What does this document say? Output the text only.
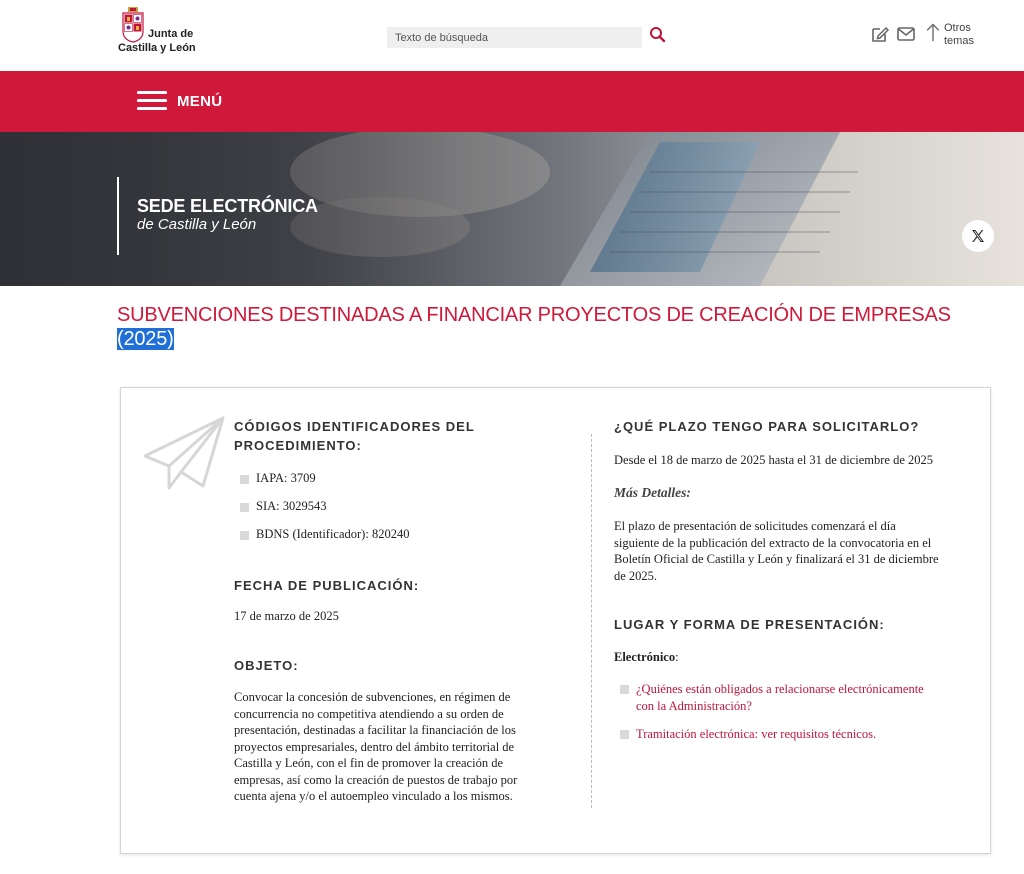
Junta de
Castilla y León
Texto de búsqueda
Otros
temas
MENÚ
SEDE ELECTRÓNICA
de Castilla y León
SUBVENCIONES DESTINADAS A FINANCIAR PROYECTOS DE CREACIÓN DE EMPRESAS (2025)
CÓDIGOS IDENTIFICADORES DEL
PROCEDIMIENTO:
IAPA: 3709
SIA: 3029543
BDNS (Identificador): 820240
FECHA DE PUBLICACIÓN:
17 de marzo de 2025
OBJETO:
Convocar la concesión de subvenciones, en régimen de
concurrencia no competitiva atendiendo a su orden de
presentación, destinadas a facilitar la financiación de los
proyectos empresariales, dentro del ámbito territorial de
Castilla y León, con el fin de promover la creación de
empresas, así como la creación de puestos de trabajo por
cuenta ajena y/o el autoempleo vinculado a los mismos.
¿QUÉ PLAZO TENGO PARA SOLICITARLO?
Desde el 18 de marzo de 2025 hasta el 31 de diciembre de 2025
Más Detalles:
El plazo de presentación de solicitudes comenzará el día
siguiente de la publicación del extracto de la convocatoria en el
Boletín Oficial de Castilla y León y finalizará el 31 de diciembre
de 2025.
LUGAR Y FORMA DE PRESENTACIÓN:
Electrónico:
¿Quiénes están obligados a relacionarse electrónicamente
con la Administración?
Tramitación electrónica: ver requisitos técnicos.
